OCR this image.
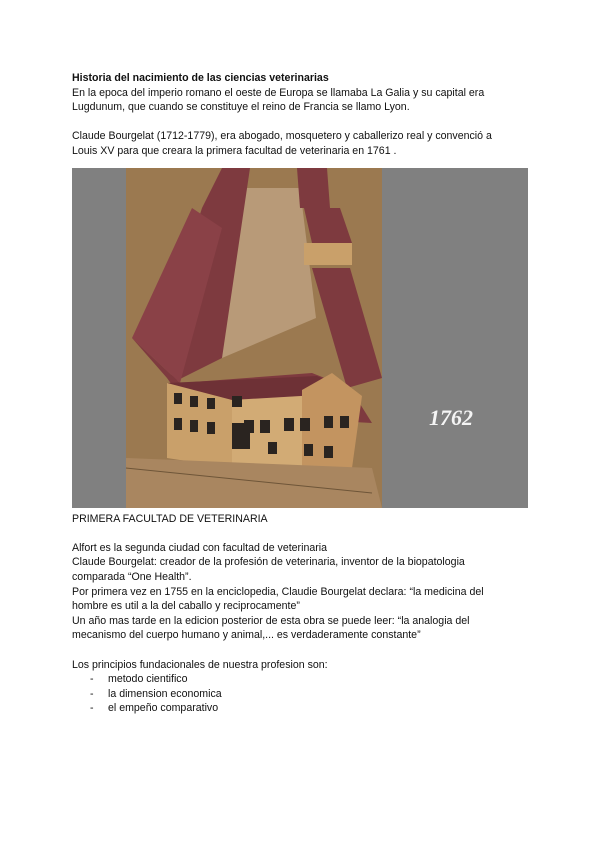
Historia del nacimiento de las ciencias veterinarias

En la epoca del imperio romano el oeste de Europa se llamaba La Galia y su capital era

Lugdunum, que cuando se constituye el reino de Francia se llamo Lyon.

Claude Bourgelat (1712-1779), era abogado, mosquetero y caballerizo real y convenció a

Louis XV para que creara la primera facultad de veterinaria en 1761 .

1762

PRIMERA FACULTAD DE VETERINARIA

Alfort es la segunda ciudad con facultad de veterinaria

Claude Bourgelat: creador de la profesión de veterinaria, inventor de la biopatologia

comparada “One Health”.

Por primera vez en 1755 en la enciclopedia, Claudie Bourgelat declara: “la medicina del

hombre es util a la del caballo y reciprocamente”

Un año mas tarde en la edicion posterior de esta obra se puede leer: “la analogia del

mecanismo del cuerpo humano y animal,... es verdaderamente constante”

Los principios fundacionales de nuestra profesion son:

- metodo cientifico
- la dimension economica
- el empeño comparativo
